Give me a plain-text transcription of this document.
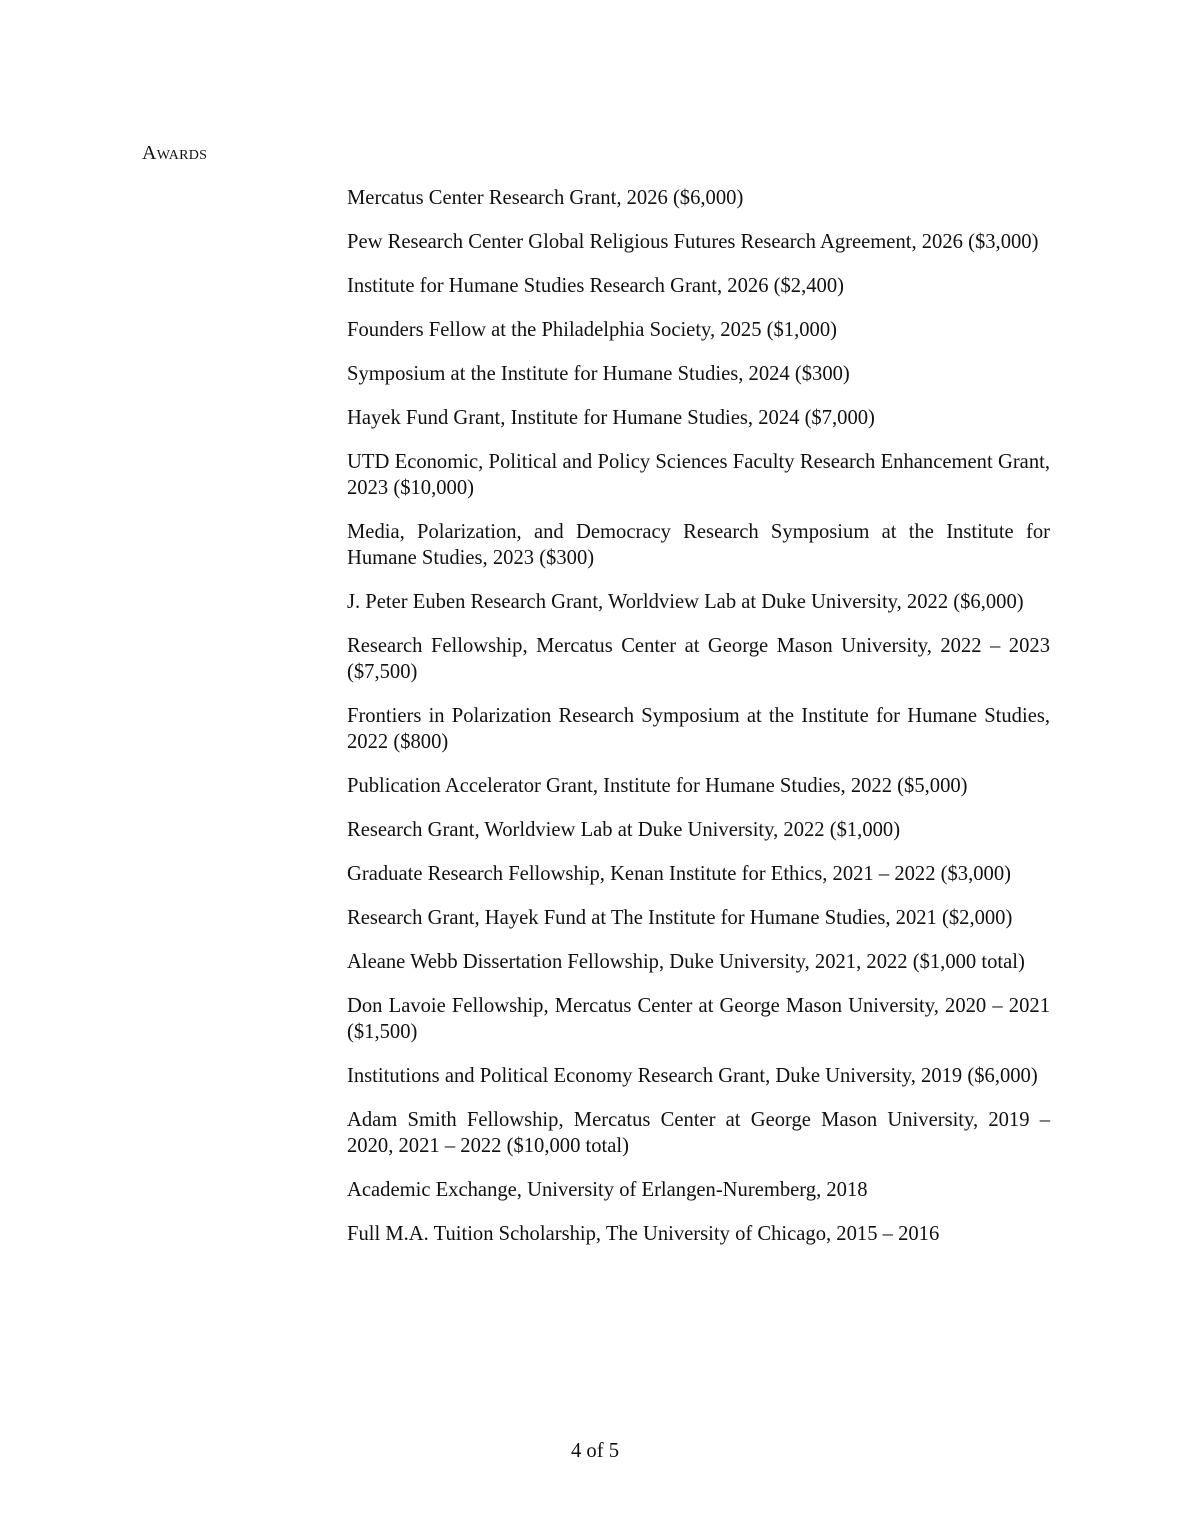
Awards
Mercatus Center Research Grant, 2026 ($6,000)
Pew Research Center Global Religious Futures Research Agreement, 2026 ($3,000)
Institute for Humane Studies Research Grant, 2026 ($2,400)
Founders Fellow at the Philadelphia Society, 2025 ($1,000)
Symposium at the Institute for Humane Studies, 2024 ($300)
Hayek Fund Grant, Institute for Humane Studies, 2024 ($7,000)
UTD Economic, Political and Policy Sciences Faculty Research Enhancement Grant, 2023 ($10,000)
Media, Polarization, and Democracy Research Symposium at the Institute for Humane Studies, 2023 ($300)
J. Peter Euben Research Grant, Worldview Lab at Duke University, 2022 ($6,000)
Research Fellowship, Mercatus Center at George Mason University, 2022 – 2023 ($7,500)
Frontiers in Polarization Research Symposium at the Institute for Humane Studies, 2022 ($800)
Publication Accelerator Grant, Institute for Humane Studies, 2022 ($5,000)
Research Grant, Worldview Lab at Duke University, 2022 ($1,000)
Graduate Research Fellowship, Kenan Institute for Ethics, 2021 – 2022 ($3,000)
Research Grant, Hayek Fund at The Institute for Humane Studies, 2021 ($2,000)
Aleane Webb Dissertation Fellowship, Duke University, 2021, 2022 ($1,000 total)
Don Lavoie Fellowship, Mercatus Center at George Mason University, 2020 – 2021 ($1,500)
Institutions and Political Economy Research Grant, Duke University, 2019 ($6,000)
Adam Smith Fellowship, Mercatus Center at George Mason University, 2019 – 2020, 2021 – 2022 ($10,000 total)
Academic Exchange, University of Erlangen-Nuremberg, 2018
Full M.A. Tuition Scholarship, The University of Chicago, 2015 – 2016
4 of 5
